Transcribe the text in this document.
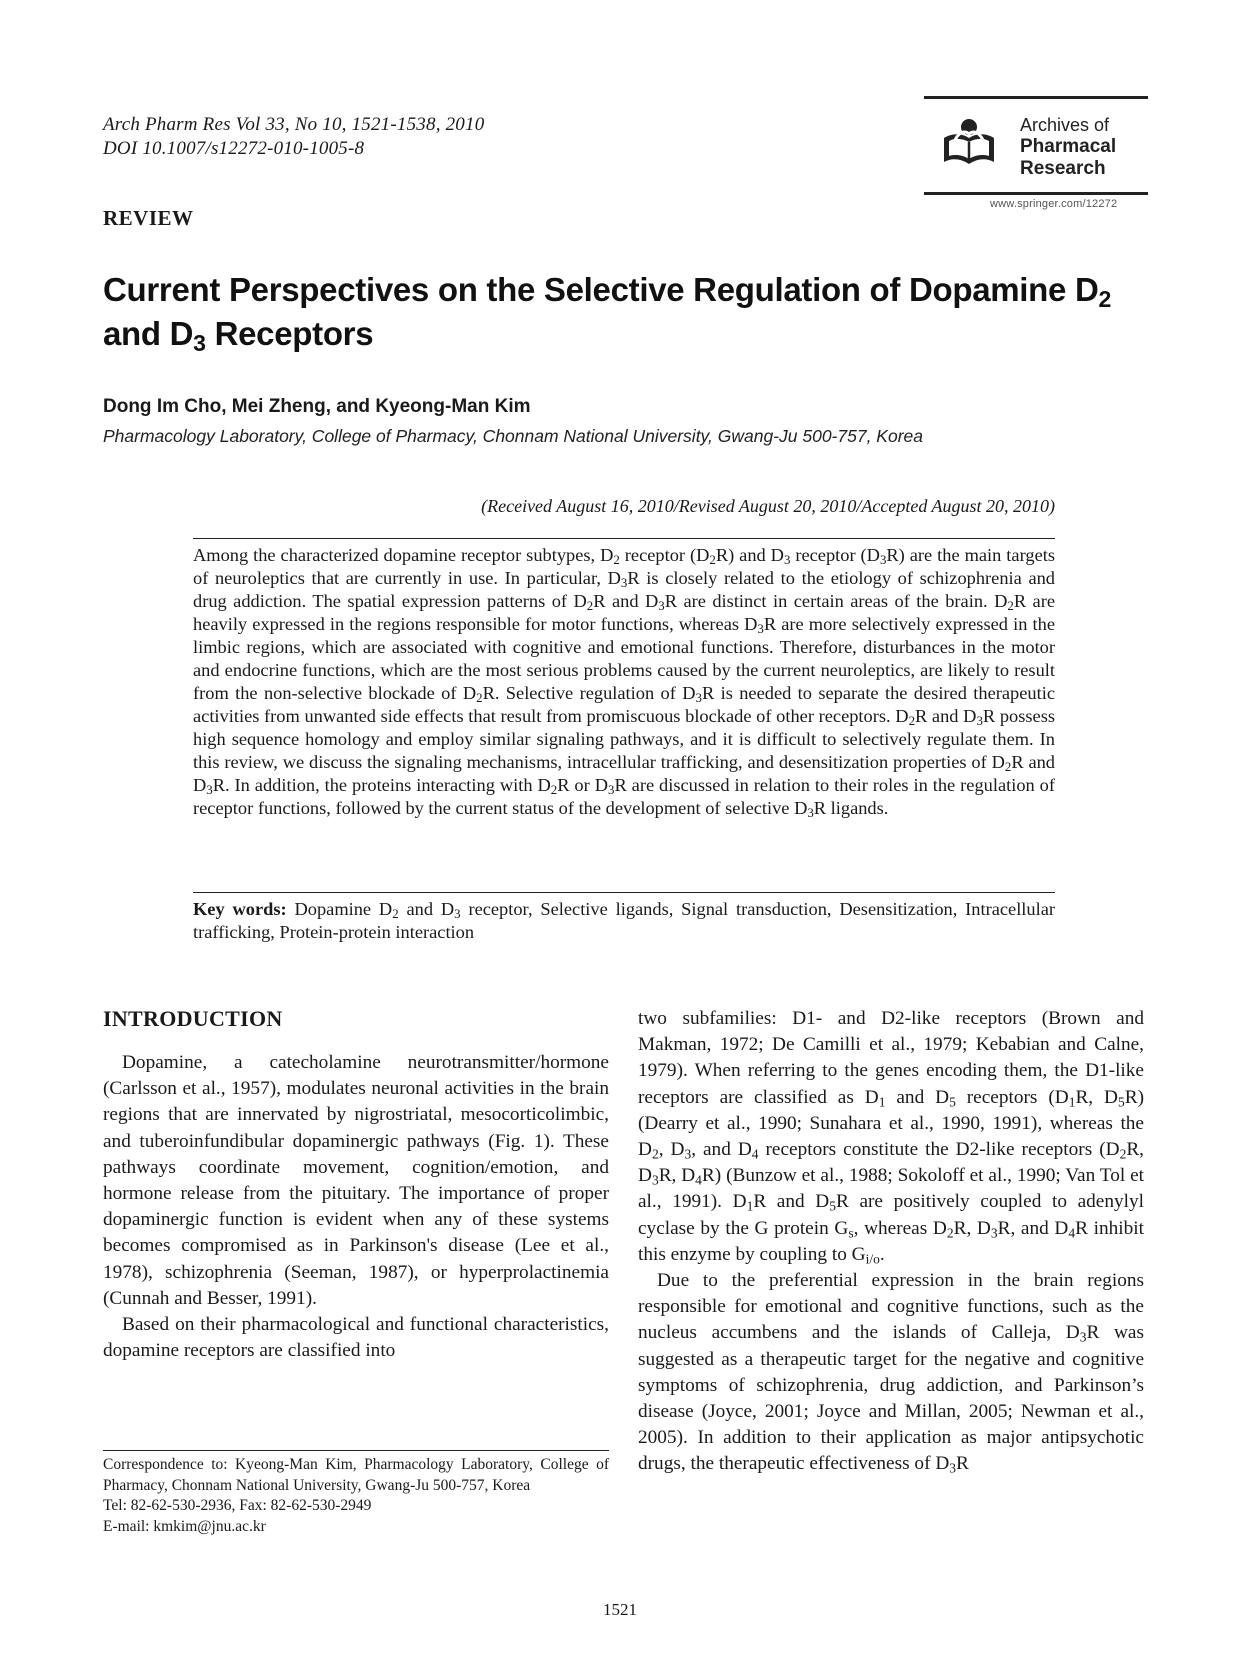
Arch Pharm Res Vol 33, No 10, 1521-1538, 2010
DOI 10.1007/s12272-010-1005-8
Archives of
Pharmacal
Research
www.springer.com/12272
REVIEW
Current Perspectives on the Selective Regulation of Dopamine $D_2$
and $D_3$ Receptors
Dong Im Cho, Mei Zheng, and Kyeong-Man Kim
Pharmacology Laboratory, College of Pharmacy, Chonnam National University, Gwang-Ju 500-757, Korea
(Received August 16, 2010/Revised August 20, 2010/Accepted August 20, 2010)
Among the characterized dopamine receptor subtypes, $D_2$ receptor $(D_2R)$ and $D_3$ receptor $(D_3R)$ are the main targets of neuroleptics that are currently in use. In particular, $D_3R$ is closely related to the etiology of schizophrenia and drug addiction. The spatial expression patterns of $D_2R$ and $D_3R$ are distinct in certain areas of the brain. $D_2R$ are heavily expressed in the regions responsible for motor functions, whereas $D_3R$ are more selectively expressed in the limbic regions, which are associated with cognitive and emotional functions. Therefore, disturbances in the motor and endocrine functions, which are the most serious problems caused by the current neuroleptics, are likely to result from the non-selective blockade of $D_2R$. Selective regulation of $D_3R$ is needed to separate the desired therapeutic activities from unwanted side effects that result from promiscuous blockade of other receptors. $D_2R$ and $D_3R$ possess high sequence homology and employ similar signaling pathways, and it is difficult to selectively regulate them. In this review, we discuss the signaling mechanisms, intracellular trafficking, and desensitization properties of $D_2R$ and $D_3R$. In addition, the proteins interacting with $D_2R$ or $D_3R$ are discussed in relation to their roles in the regulation of receptor functions, followed by the current status of the development of selective $D_3R$ ligands.
Key words: Dopamine $D_2$ and $D_3$ receptor, Selective ligands, Signal transduction, Desensitization, Intracellular trafficking, Protein-protein interaction
INTRODUCTION

Dopamine, a catecholamine neurotransmitter/hormone (Carlsson et al., 1957), modulates neuronal activities in the brain regions that are innervated by nigrostriatal, mesocorticolimbic, and tuberoinfundibular dopaminergic pathways (Fig. 1). These pathways coordinate movement, cognition/emotion, and hormone release from the pituitary. The importance of proper dopaminergic function is evident when any of these systems becomes compromised as in Parkinson's disease (Lee et al., 1978), schizophrenia (Seeman, 1987), or hyperprolactinemia (Cunnah and Besser, 1991).

Based on their pharmacological and functional characteristics, dopamine receptors are classified into

two subfamilies: D1- and D2-like receptors (Brown and Makman, 1972; De Camilli et al., 1979; Kebabian and Calne, 1979). When referring to the genes encoding them, the D1-like receptors are classified as $D_1$ and $D_5$ receptors ($D_1R$, $D_5R$) (Dearry et al., 1990; Sunahara et al., 1990, 1991), whereas the $D_2$, $D_3$, and $D_4$ receptors constitute the D2-like receptors ($D_2R$, $D_3R$, $D_4R$) (Bunzow et al., 1988; Sokoloff et al., 1990; Van Tol et al., 1991). $D_1R$ and $D_5R$ are positively coupled to adenylyl cyclase by the G protein $G_s$, whereas $D_2R$, $D_3R$, and $D_4R$ inhibit this enzyme by coupling to $G_{i/o}$.

Due to the preferential expression in the brain regions responsible for emotional and cognitive functions, such as the nucleus accumbens and the islands of Calleja, $D_3R$ was suggested as a therapeutic target for the negative and cognitive symptoms of schizophrenia, drug addiction, and Parkinson’s disease (Joyce, 2001; Joyce and Millan, 2005; Newman et al., 2005). In addition to their application as major antipsychotic drugs, the therapeutic effectiveness of $D_3R$

Correspondence to: Kyeong-Man Kim, Pharmacology Laboratory, College of Pharmacy, Chonnam National University, Gwang-Ju 500-757, Korea
Tel: 82-62-530-2936, Fax: 82-62-530-2949
E-mail: kmkim@jnu.ac.kr
1521
